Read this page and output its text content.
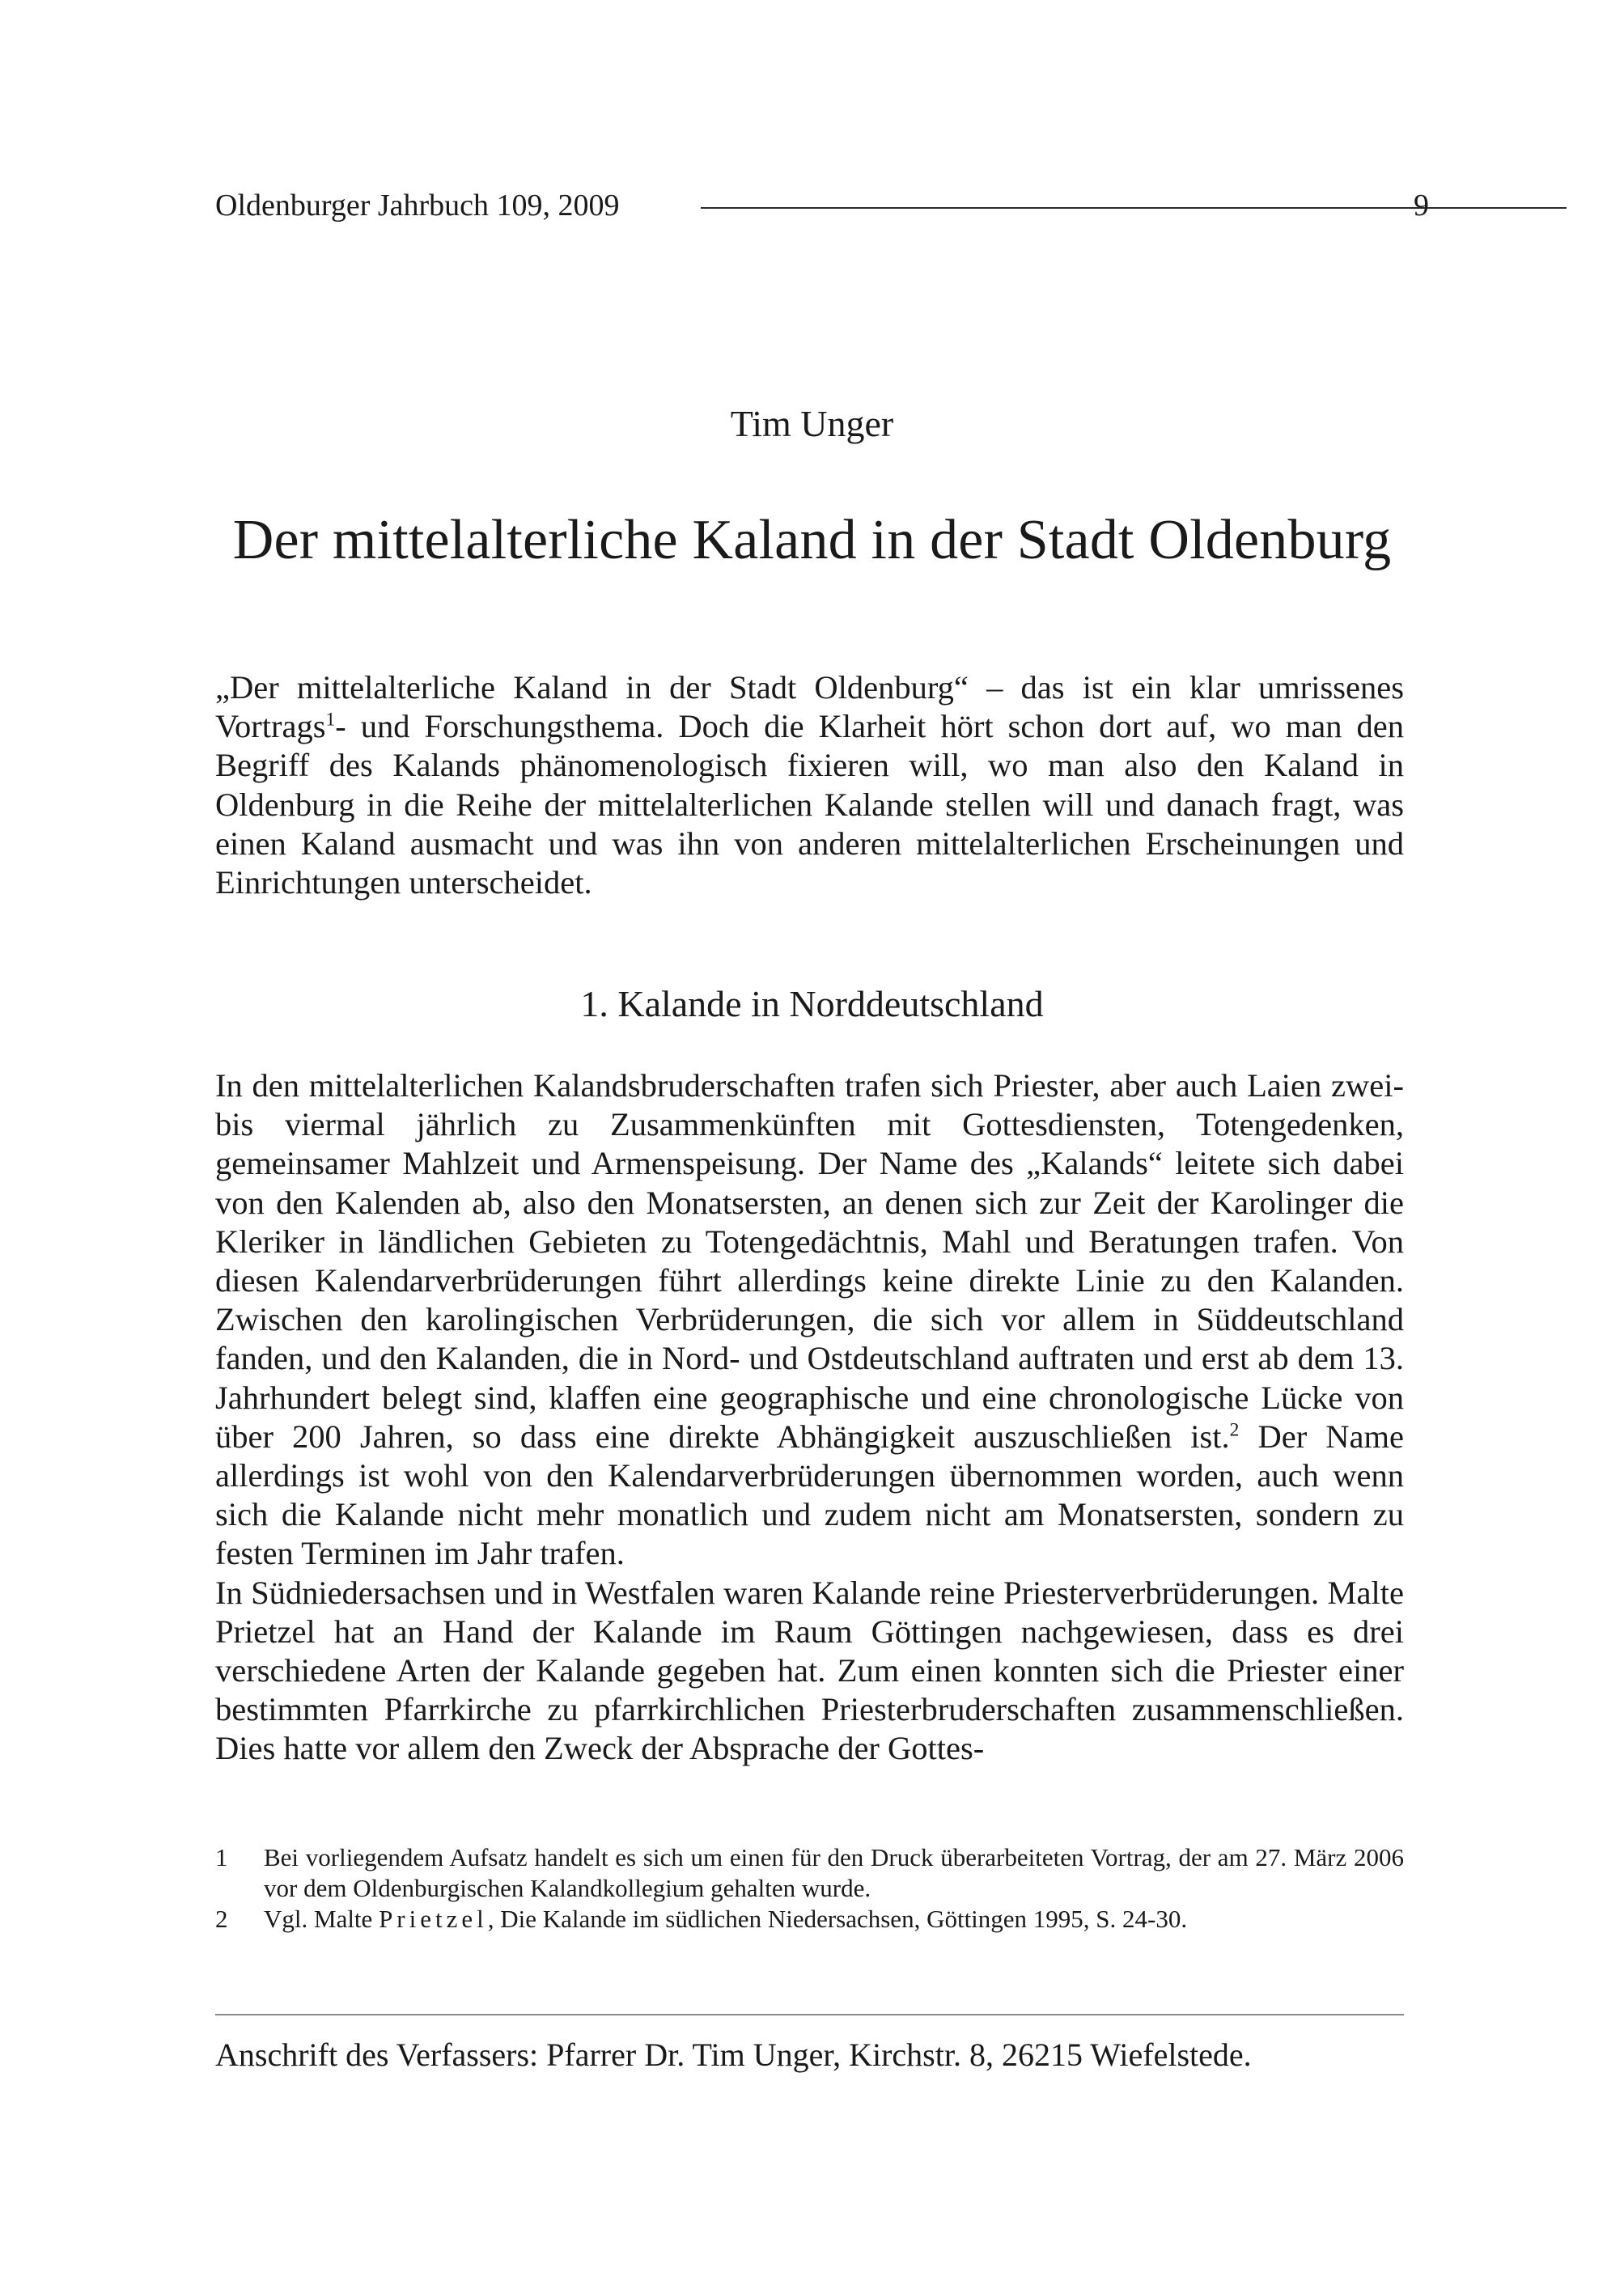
Oldenburger Jahrbuch 109, 2009	9
Tim Unger
Der mittelalterliche Kaland in der Stadt Oldenburg
„Der mittelalterliche Kaland in der Stadt Oldenburg“ – das ist ein klar umrissenes Vortrags$^1$- und Forschungsthema. Doch die Klarheit hört schon dort auf, wo man den Begriff des Kalands phänomenologisch fixieren will, wo man also den Kaland in Oldenburg in die Reihe der mittelalterlichen Kalande stellen will und danach fragt, was einen Kaland ausmacht und was ihn von anderen mittelalterlichen Erscheinungen und Einrichtungen unterscheidet.
1. Kalande in Norddeutschland

In den mittelalterlichen Kalandsbruderschaften trafen sich Priester, aber auch Laien zwei- bis viermal jährlich zu Zusammenkünften mit Gottesdiensten, Totengedenken, gemeinsamer Mahlzeit und Armenspeisung. Der Name des „Kalands“ leitete sich dabei von den Kalenden ab, also den Monatsersten, an denen sich zur Zeit der Karolinger die Kleriker in ländlichen Gebieten zu Totengedächtnis, Mahl und Beratungen trafen. Von diesen Kalendarverbrüderungen führt allerdings keine direkte Linie zu den Kalanden. Zwischen den karolingischen Verbrüderungen, die sich vor allem in Süddeutschland fanden, und den Kalanden, die in Nord- und Ostdeutschland auftraten und erst ab dem 13. Jahrhundert belegt sind, klaffen eine geographische und eine chronologische Lücke von über 200 Jahren, so dass eine direkte Abhängigkeit auszuschließen ist.$^2$ Der Name allerdings ist wohl von den Kalendarverbrüderungen übernommen worden, auch wenn sich die Kalande nicht mehr monatlich und zudem nicht am Monatsersten, sondern zu festen Terminen im Jahr trafen.

In Südniedersachsen und in Westfalen waren Kalande reine Priesterverbrüderungen. Malte Prietzel hat an Hand der Kalande im Raum Göttingen nachgewiesen, dass es drei verschiedene Arten der Kalande gegeben hat. Zum einen konnten sich die Priester einer bestimmten Pfarrkirche zu pfarrkirchlichen Priesterbruderschaften zusammenschließen. Dies hatte vor allem den Zweck der Absprache der Gottes-

1	Bei vorliegendem Aufsatz handelt es sich um einen für den Druck überarbeiteten Vortrag, der am 27. März 2006 vor dem Oldenburgischen Kalandkollegium gehalten wurde.
2	Vgl. Malte Prietzel, Die Kalande im südlichen Niedersachsen, Göttingen 1995, S. 24-30.
Anschrift des Verfassers: Pfarrer Dr. Tim Unger, Kirchstr. 8, 26215 Wiefelstede.
